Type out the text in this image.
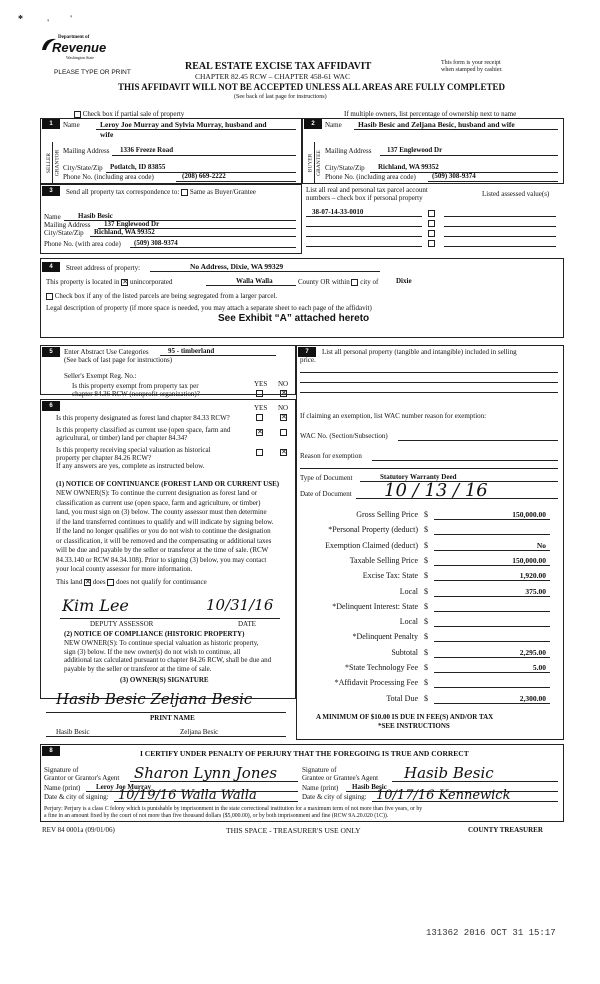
'	'
*
Department of
Revenue
Washington State
PLEASE TYPE OR PRINT
REAL ESTATE EXCISE TAX AFFIDAVIT
CHAPTER 82.45 RCW – CHAPTER 458-61 WAC
THIS AFFIDAVIT WILL NOT BE ACCEPTED UNLESS ALL AREAS ARE FULLY COMPLETED
(See back of last page for instructions)
This form is your receipt
when stamped by cashier.
Check box if partial sale of property	If multiple owners, list percentage of ownership next to name
1	2
SELLER GRANTOR	BUYER GRANTEE
Name	Leroy Joe Murray and Sylvia Murray, husband and
wife
Mailing Address 1336 Freeze Road
City/State/Zip Potlatch, ID 83855
Phone No. (including area code)	(208) 669-2222
Name Hasib Besic and Zeljana Besic, husband and wife
Mailing Address 137 Englewood Dr
City/State/Zip Richland, WA 99352
Phone No. (including area code) (509) 308-9374
3	Send all property tax correspondence to: Same as Buyer/Grantee
Name Hasib Besic
Mailing Address 137 Englewood Dr
City/State/Zip Richland, WA 99352
Phone No. (with area code) (509) 308-9374
List all real and personal tax parcel account
numbers – check box if personal property	Listed assessed value(s)
38-07-14-33-0010
4	Street address of property:	No Address, Dixie, WA 99329
This property is located in ✕ unincorporated	Walla Walla	County OR within city of	Dixie
Check box if any of the listed parcels are being segregated from a larger parcel.
Legal description of property (if more space is needed, you may attach a separate sheet to each page of the affidavit)
See Exhibit “A” attached hereto
5	Enter Abstract Use Categories	95 - timberland
(See back of last page for instructions)
Seller's Exempt Reg. No.:
Is this property exempt from property tax per
chapter 84.36 RCW (nonprofit organization)?
YES NO
✕
6	YES NO
Is this property designated as forest land chapter 84.33 RCW?
✕
Is this property classified as current use (open space, farm and
agricultural, or timber) land per chapter 84.34?
✕
Is this property receiving special valuation as historical
property per chapter 84.26 RCW?
✕
If any answers are yes, complete as instructed below.
(1) NOTICE OF CONTINUANCE (FOREST LAND OR CURRENT USE)
NEW OWNER(S): To continue the current designation as forest land or
classification as current use (open space, farm and agriculture, or timber)
land, you must sign on (3) below. The county assessor must then determine
if the land transferred continues to qualify and will indicate by signing below.
If the land no longer qualifies or you do not wish to continue the designation
or classification, it will be removed and the compensating or additional taxes
will be due and payable by the seller or transferor at the time of sale. (RCW
84.33.140 or RCW 84.34.108). Prior to signing (3) below, you may contact
your local county assessor for more information.
This land ✕ does does not qualify for continuance
Kim Lee	10/31/16
DEPUTY ASSESSOR	DATE
(2) NOTICE OF COMPLIANCE (HISTORIC PROPERTY)
NEW OWNER(S): To continue special valuation as historic property,
sign (3) below. If the new owner(s) do not wish to continue, all
additional tax calculated pursuant to chapter 84.26 RCW, shall be due and
payable by the seller or transferor at the time of sale.
(3) OWNER(S) SIGNATURE
Hasib Besic Zeljana Besic
PRINT NAME
Hasib Besic	Zeljana Besic
7	List all personal property (tangible and intangible) included in selling
price.
If claiming an exemption, list WAC number reason for exemption:
WAC No. (Section/Subsection)
Reason for exemption
Type of Document	Statutory Warranty Deed
Date of Document 10 / 13 / 16
Gross Selling Price $	150,000.00
*Personal Property (deduct) $
Exemption Claimed (deduct) $	No
Taxable Selling Price $	150,000.00
Excise Tax: State $	1,920.00
Local $	375.00
*Delinquent Interest: State $
Local $
*Delinquent Penalty $
Subtotal $	2,295.00
*State Technology Fee $	5.00
*Affidavit Processing Fee $
Total Due $	2,300.00
A MINIMUM OF $10.00 IS DUE IN FEE(S) AND/OR TAX
*SEE INSTRUCTIONS
8	I CERTIFY UNDER PENALTY OF PERJURY THAT THE FOREGOING IS TRUE AND CORRECT
Signature of
Grantor or Grantor's Agent Sharon Lynn Jones
Name (print) Leroy Joe Murray
Date & city of signing: 10/19/16 Walla Walla
Signature of
Grantee or Grantee's Agent Hasib Besic
Name (print) Hasib Besic
Date & city of signing: 10/17/16 Kennewick
Perjury: Perjury is a class C felony which is punishable by imprisonment in the state correctional institution for a maximum term of not more than five years, or by
a fine in an amount fixed by the court of not more than five thousand dollars ($5,000.00), or by both imprisonment and fine (RCW 9A.20.020 (1C)).
REV 84 0001a (09/01/06)	THIS SPACE - TREASURER'S USE ONLY	COUNTY TREASURER
131362 2016 OCT 31 15:17
